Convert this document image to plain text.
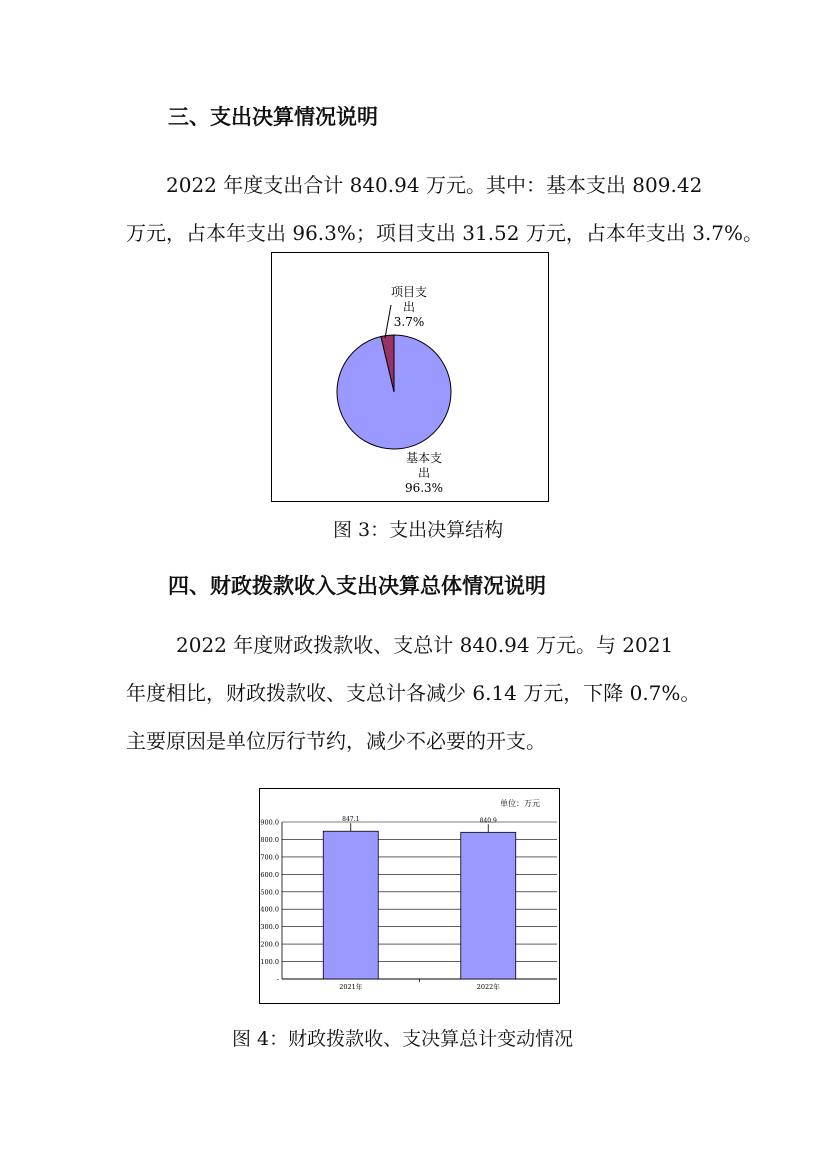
三、支出决算情况说明

2022 年度支出合计 840.94 万元。其中：基本支出 809.42

万元，占本年支出 96.3%；项目支出 31.52 万元，占本年支出 3.7%。

项目支
出
3.7%
基本支
出
96.3%
图 3：支出决算结构
四、财政拨款收入支出决算总体情况说明

2022 年度财政拨款收、支总计 840.94 万元。与 2021

年度相比，财政拨款收、支总计各减少 6.14 万元，下降 0.7%。

主要原因是单位厉行节约，减少不必要的开支。

单位：万元
900.0
800.0
700.0
600.0
500.0
400.0
300.0
200.0
100.0
-
847.1	840.9
2021年	2022年
图 4：财政拨款收、支决算总计变动情况
